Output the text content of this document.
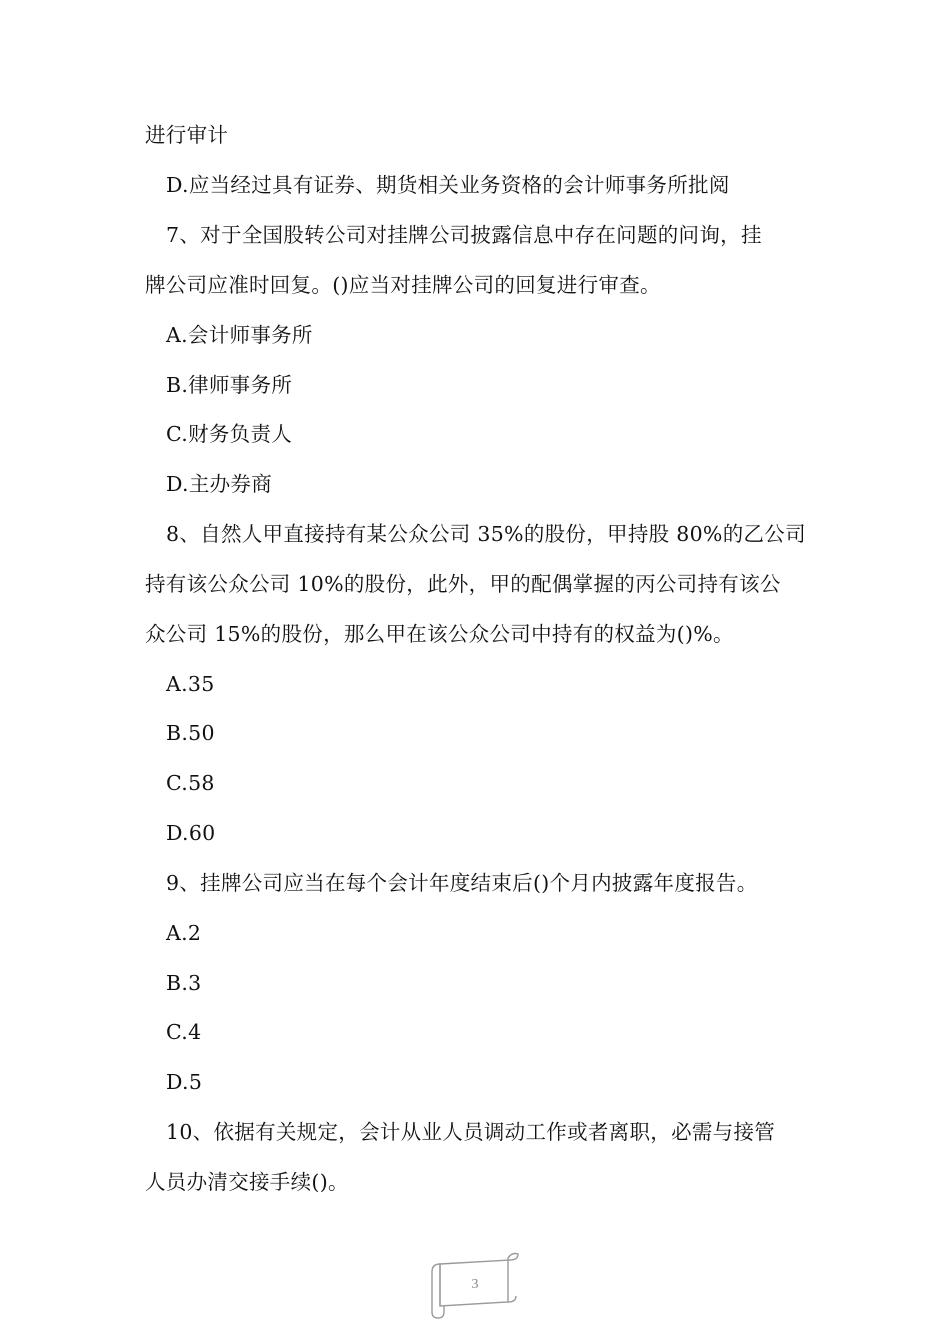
进行审计
D.应当经过具有证券、期货相关业务资格的会计师事务所批阅
7、对于全国股转公司对挂牌公司披露信息中存在问题的问询，挂
牌公司应准时回复。()应当对挂牌公司的回复进行审查。
A.会计师事务所
B.律师事务所
C.财务负责人
D.主办券商
8、自然人甲直接持有某公众公司 35%的股份，甲持股 80%的乙公司
持有该公众公司 10%的股份，此外，甲的配偶掌握的丙公司持有该公
众公司 15%的股份，那么甲在该公众公司中持有的权益为()%。
A.35
B.50
C.58
D.60
9、挂牌公司应当在每个会计年度结束后()个月内披露年度报告。
A.2
B.3
C.4
D.5
10、依据有关规定，会计从业人员调动工作或者离职，必需与接管
人员办清交接手续()。
3
